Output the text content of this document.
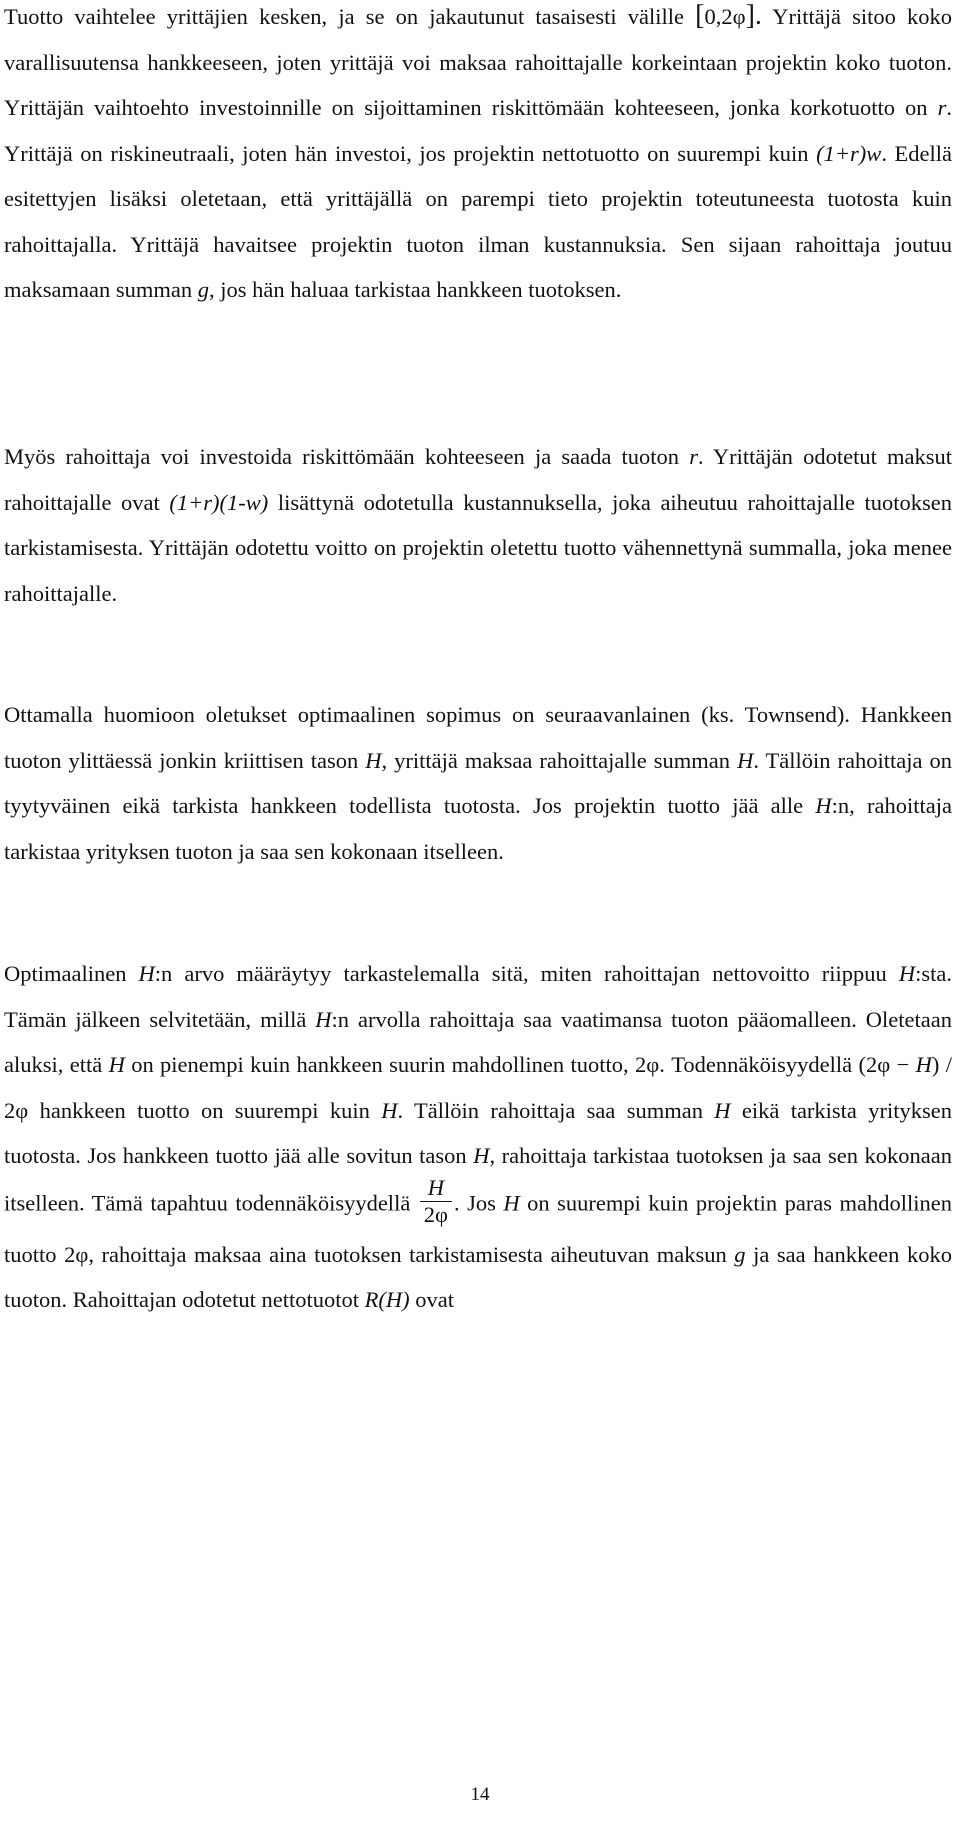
Tuotto vaihtelee yrittäjien kesken, ja se on jakautunut tasaisesti välille [0,2φ]. Yrittäjä sitoo koko varallisuutensa hankkeeseen, joten yrittäjä voi maksaa rahoittajalle korkeintaan projektin koko tuoton. Yrittäjän vaihtoehto investoinnille on sijoittaminen riskittömään kohteeseen, jonka korkotuotto on r. Yrittäjä on riskineutraali, joten hän investoi, jos projektin nettotuotto on suurempi kuin (1+r)w. Edellä esitettyjen lisäksi oletetaan, että yrittäjällä on parempi tieto projektin toteutuneesta tuotosta kuin rahoittajalla. Yrittäjä havaitsee projektin tuoton ilman kustannuksia. Sen sijaan rahoittaja joutuu maksamaan summan g, jos hän haluaa tarkistaa hankkeen tuotoksen.

Myös rahoittaja voi investoida riskittömään kohteeseen ja saada tuoton r. Yrittäjän odotetut maksut rahoittajalle ovat (1+r)(1-w) lisättynä odotetulla kustannuksella, joka aiheutuu rahoittajalle tuotoksen tarkistamisesta. Yrittäjän odotettu voitto on projektin oletettu tuotto vähennettynä summalla, joka menee rahoittajalle.

Ottamalla huomioon oletukset optimaalinen sopimus on seuraavanlainen (ks. Townsend). Hankkeen tuoton ylittäessä jonkin kriittisen tason H, yrittäjä maksaa rahoittajalle summan H. Tällöin rahoittaja on tyytyväinen eikä tarkista hankkeen todellista tuotosta. Jos projektin tuotto jää alle H:n, rahoittaja tarkistaa yrityksen tuoton ja saa sen kokonaan itselleen.

Optimaalinen H:n arvo määräytyy tarkastelemalla sitä, miten rahoittajan nettovoitto riippuu H:sta. Tämän jälkeen selvitetään, millä H:n arvolla rahoittaja saa vaatimansa tuoton pääomalleen. Oletetaan aluksi, että H on pienempi kuin hankkeen suurin mahdollinen tuotto, 2φ. Todennäköisyydellä (2φ − H) / 2φ hankkeen tuotto on suurempi kuin H. Tällöin rahoittaja saa summan H eikä tarkista yrityksen tuotosta. Jos hankkeen tuotto jää alle sovitun tason H, rahoittaja tarkistaa tuotoksen ja saa sen kokonaan itselleen. Tämä tapahtuu todennäköisyydellä $\frac{H}{2\varphi}$ . Jos H on suurempi kuin projektin paras mahdollinen tuotto 2φ, rahoittaja maksaa aina tuotoksen tarkistamisesta aiheutuvan maksun g ja saa hankkeen koko tuoton. Rahoittajan odotetut nettotuotot R(H) ovat

14
